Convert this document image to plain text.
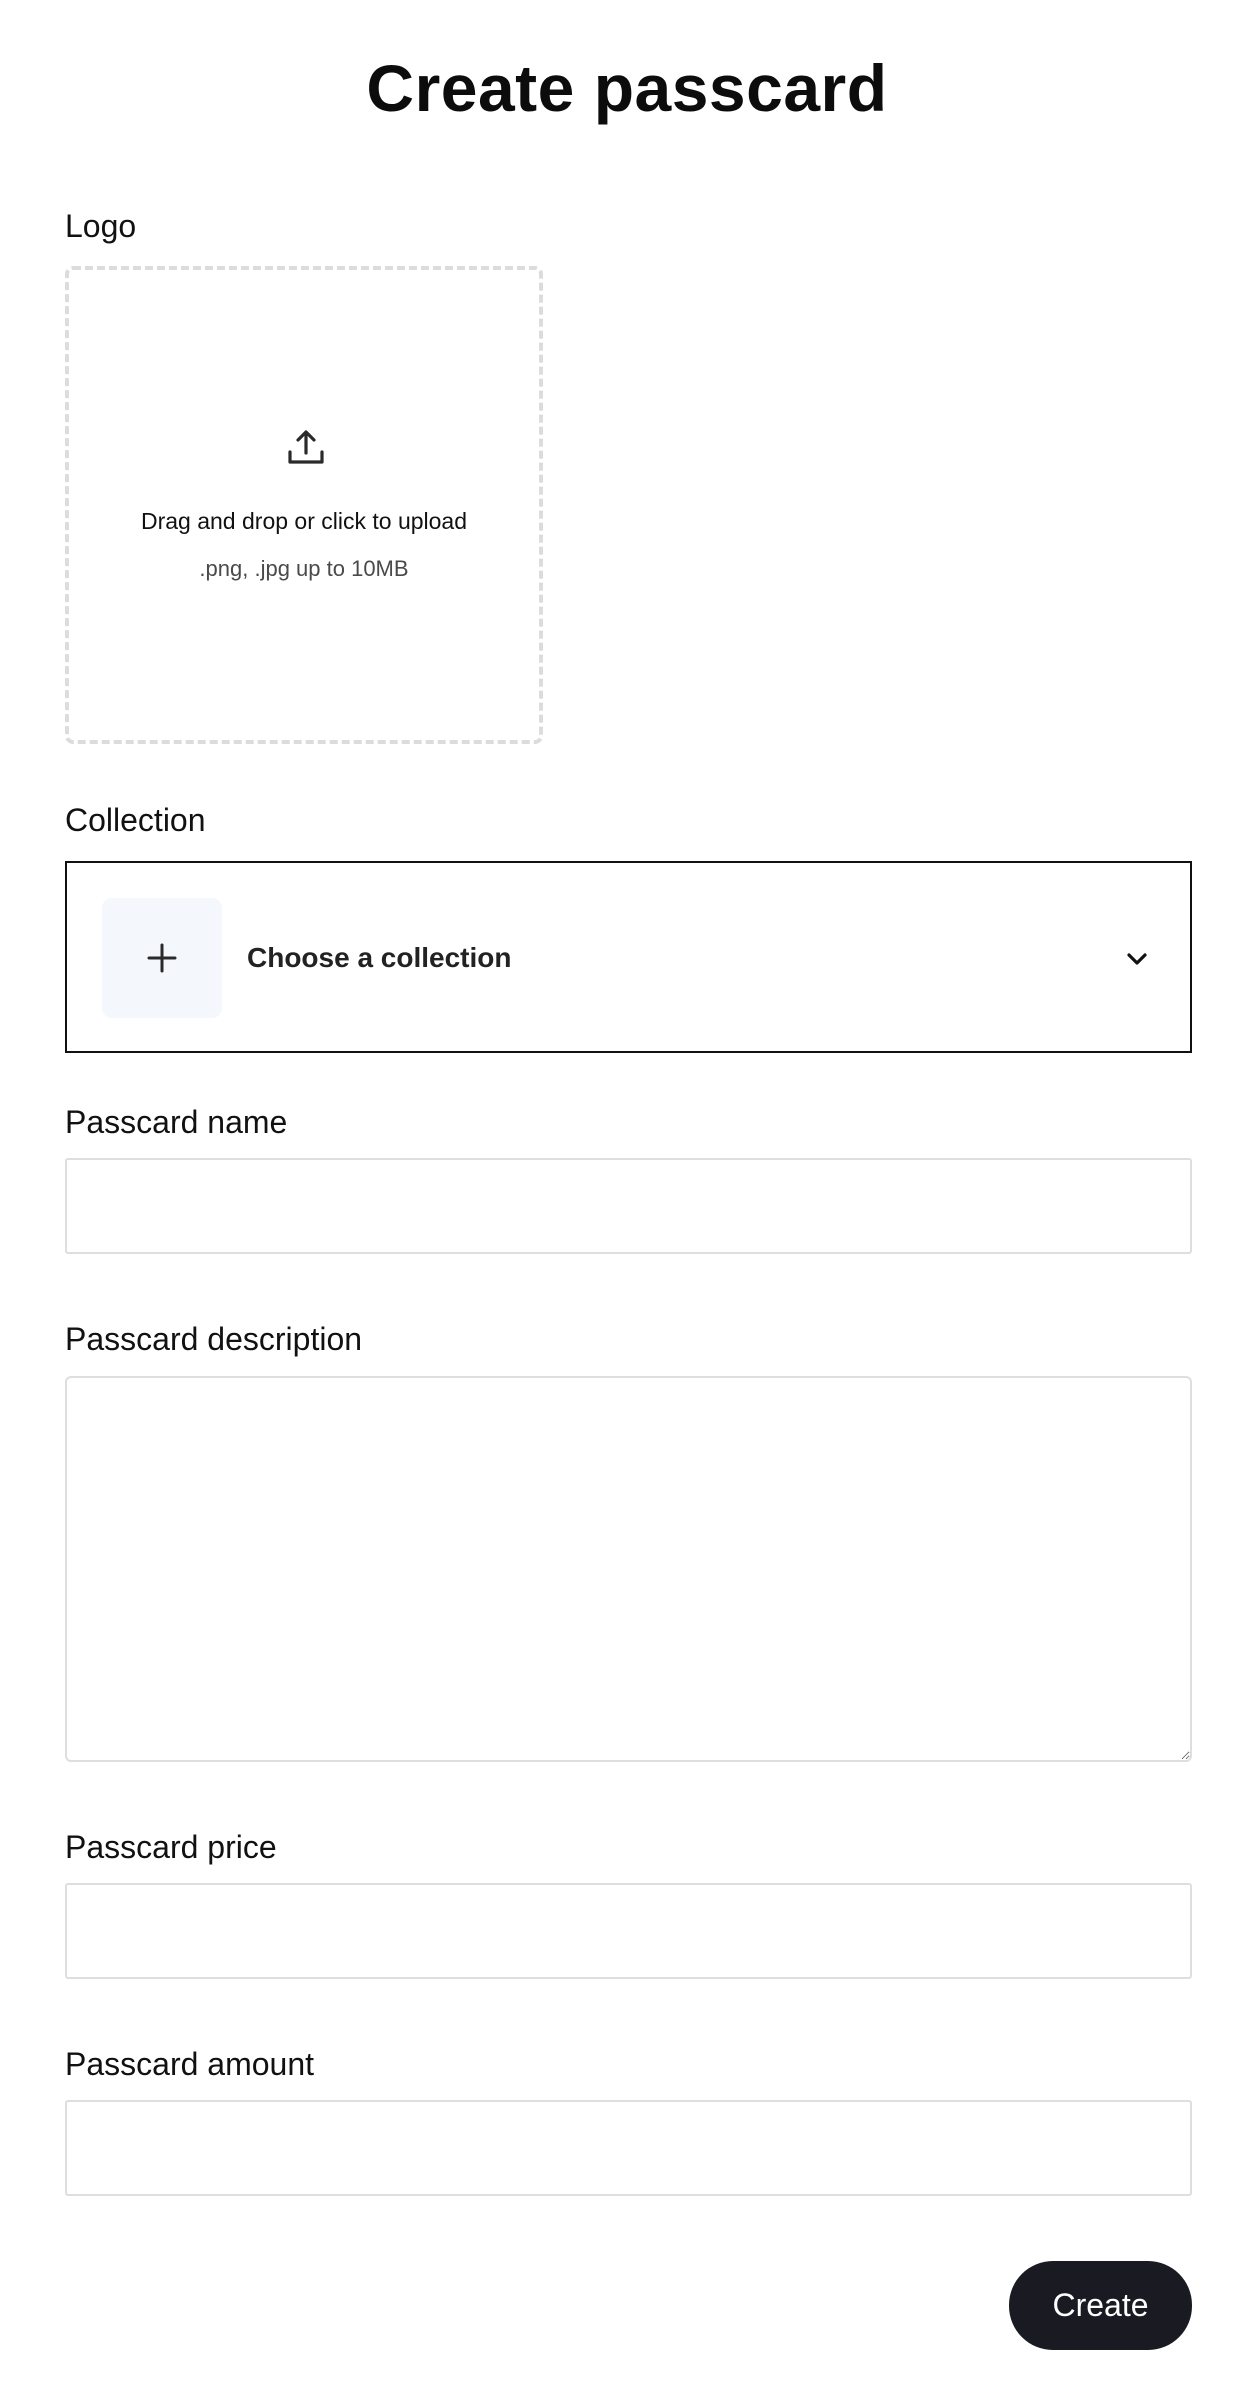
Create passcard
Logo
Drag and drop or click to upload
.png, .jpg up to 10MB
Collection
Choose a collection
Passcard name
Passcard description
Passcard price
Passcard amount
Create
